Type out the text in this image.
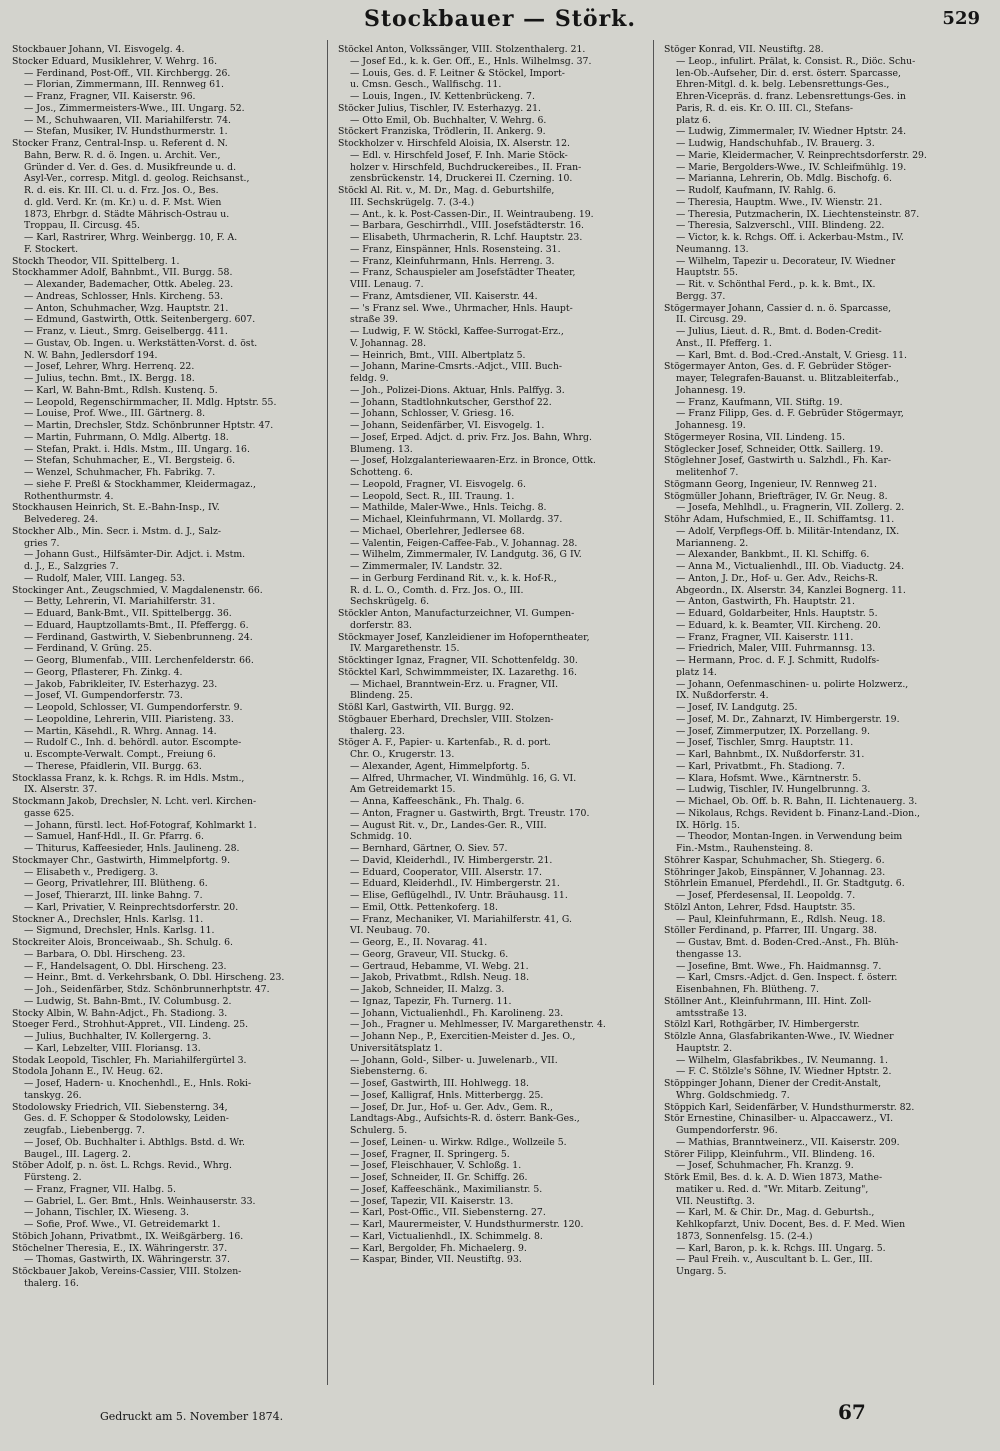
Stockbauer — Störk.	529
Stockbauer Johann, VI. Eisvogelg. 4.
Stocker Eduard, Musiklehrer, V. Wehrg. 16.
— Ferdinand, Post-Off., VII. Kirchbergg. 26.
— Florian, Zimmermann, III. Rennweg 61.
— Franz, Fragner, VII. Kaiserstr. 96.
— Jos., Zimmermeisters-Wwe., III. Ungarg. 52.
— M., Schuhwaaren, VII. Mariahilferstr. 74.
— Stefan, Musiker, IV. Hundsthurmerstr. 1.
Stocker Franz, Central-Insp. u. Referent d. N.
Bahn, Berw. R. d. ö. Ingen. u. Archit. Ver.,
Gründer d. Ver. d. Ges. d. Musikfreunde u. d.
Asyl-Ver., corresp. Mitgl. d. geolog. Reichsanst.,
R. d. eis. Kr. III. Cl. u. d. Frz. Jos. O., Bes.
d. gld. Verd. Kr. (m. Kr.) u. d. F. Mst. Wien
1873, Ehrbgr. d. Städte Mährisch-Ostrau u.
Troppau, II. Circusg. 45.
— Karl, Rastrirer, Whrg. Weinbergg. 10, F. A.
F. Stockert.
Stockh Theodor, VII. Spittelberg. 1.
Stockhammer Adolf, Bahnbmt., VII. Burgg. 58.
— Alexander, Bademacher, Ottk. Abeleg. 23.
— Andreas, Schlosser, Hnls. Kircheng. 53.
— Anton, Schuhmacher, Wzg. Hauptstr. 21.
— Edmund, Gastwirth, Ottk. Seitenbergerg. 607.
— Franz, v. Lieut., Smrg. Geiselbergg. 411.
— Gustav, Ob. Ingen. u. Werkstätten-Vorst. d. öst.
N. W. Bahn, Jedlersdorf 194.
— Josef, Lehrer, Whrg. Herrenq. 22.
— Julius, techn. Bmt., IX. Bergg. 18.
— Karl, W. Bahn-Bmt., Rdlsh. Kustenq. 5.
— Leopold, Regenschirmmacher, II. Mdlg. Hptstr. 55.
— Louise, Prof. Wwe., III. Gärtnerg. 8.
— Martin, Drechsler, Stdz. Schönbrunner Hptstr. 47.
— Martin, Fuhrmann, O. Mdlg. Albertg. 18.
— Stefan, Prakt. i. Hdls. Mstm., III. Ungarg. 16.
— Stefan, Schuhmacher, E., VI. Bergsteig. 6.
— Wenzel, Schuhmacher, Fh. Fabrikg. 7.
— siehe F. Preßl & Stockhammer, Kleidermagaz.,
Rothenthurmstr. 4.
Stockhausen Heinrich, St. E.-Bahn-Insp., IV.
Belvedereg. 24.
Stockher Alb., Min. Secr. i. Mstm. d. J., Salz-
gries 7.
— Johann Gust., Hilfsämter-Dir. Adjct. i. Mstm.
d. J., E., Salzgries 7.
— Rudolf, Maler, VIII. Langeg. 53.
Stockinger Ant., Zeugschmied, V. Magdalenenstr. 66.
— Betty, Lehrerin, VI. Mariahilferstr. 31.
— Eduard, Bank-Bmt., VII. Spittelbergg. 36.
— Eduard, Hauptzollamts-Bmt., II. Pfeffergg. 6.
— Ferdinand, Gastwirth, V. Siebenbrunneng. 24.
— Ferdinand, V. Grüng. 25.
— Georg, Blumenfab., VIII. Lerchenfelderstr. 66.
— Georg, Pflasterer, Fh. Zinkg. 4.
— Jakob, Fabrikleiter, IV. Esterhazyg. 23.
— Josef, VI. Gumpendorferstr. 73.
— Leopold, Schlosser, VI. Gumpendorferstr. 9.
— Leopoldine, Lehrerin, VIII. Piaristeng. 33.
— Martin, Käsehdl., R. Whrg. Annag. 14.
— Rudolf C., Inh. d. behördl. autor. Escompte-
u. Escompte-Verwalt. Compt., Freiung 6.
— Therese, Pfaidlerin, VII. Burgg. 63.
Stocklassa Franz, k. k. Rchgs. R. im Hdls. Mstm.,
IX. Alserstr. 37.
Stockmann Jakob, Drechsler, N. Lcht. verl. Kirchen-
gasse 625.
— Johann, fürstl. lect. Hof-Fotograf, Kohlmarkt 1.
— Samuel, Hanf-Hdl., II. Gr. Pfarrg. 6.
— Thiturus, Kaffeesieder, Hnls. Jaulineng. 28.
Stockmayer Chr., Gastwirth, Himmelpfortg. 9.
— Elisabeth v., Predigerg. 3.
— Georg, Privatlehrer, III. Blütheng. 6.
— Josef, Thierarzt, III. linke Bahng. 7.
— Karl, Privatier, V. Reinprechtsdorferstr. 20.
Stockner A., Drechsler, Hnls. Karlsg. 11.
— Sigmund, Drechsler, Hnls. Karlsg. 11.
Stockreiter Alois, Bronceiwaab., Sh. Schulg. 6.
— Barbara, O. Dbl. Hirscheng. 23.
— F., Handelsagent, O. Dbl. Hirscheng. 23.
— Heinr., Bmt. d. Verkehrsbank, O. Dbl. Hirscheng. 23.
— Joh., Seidenfärber, Stdz. Schönbrunnerhptstr. 47.
— Ludwig, St. Bahn-Bmt., IV. Columbusg. 2.
Stocky Albin, W. Bahn-Adjct., Fh. Stadiong. 3.
Stoeger Ferd., Strohhut-Appret., VII. Lindeng. 25.
— Julius, Buchhalter, IV. Kollergerng. 3.
— Karl, Lebzelter, VIII. Floriansg. 13.
Stodak Leopold, Tischler, Fh. Mariahilfergürtel 3.
Stodola Johann E., IV. Heug. 62.
— Josef, Hadern- u. Knochenhdl., E., Hnls. Roki-
tanskyg. 26.
Stodolowsky Friedrich, VII. Siebensterng. 34,
Ges. d. F. Schopper & Stodolowsky, Leiden-
zeugfab., Liebenbergg. 7.
— Josef, Ob. Buchhalter i. Abthlgs. Bstd. d. Wr.
Baugel., III. Lagerg. 2.
Stöber Adolf, p. n. öst. L. Rchgs. Revid., Whrg.
Fürsteng. 2.
— Franz, Fragner, VII. Halbg. 5.
— Gabriel, L. Ger. Bmt., Hnls. Weinhauserstr. 33.
— Johann, Tischler, IX. Wieseng. 3.
— Sofie, Prof. Wwe., VI. Getreidemarkt 1.
Stöbich Johann, Privatbmt., IX. Weißgärberg. 16.
Stöchelner Theresia, E., IX. Währingerstr. 37.
— Thomas, Gastwirth, IX. Währingerstr. 37.
Stöckbauer Jakob, Vereins-Cassier, VIII. Stolzen-
thalerg. 16.
Stöckel Anton, Volkssänger, VIII. Stolzenthalerg. 21.
— Josef Ed., k. k. Ger. Off., E., Hnls. Wilhelmsg. 37.
— Louis, Ges. d. F. Leitner & Stöckel, Import-
u. Cmsn. Gesch., Wallfischg. 11.
— Louis, Ingen., IV. Kettenbrückeng. 7.
Stöcker Julius, Tischler, IV. Esterhazyg. 21.
— Otto Emil, Ob. Buchhalter, V. Wehrg. 6.
Stöckert Franziska, Trödlerin, II. Ankerg. 9.
Stockholzer v. Hirschfeld Aloisia, IX. Alserstr. 12.
— Edl. v. Hirschfeld Josef, F. Inh. Marie Stöck-
holzer v. Hirschfeld, Buchdruckereibes., II. Fran-
zensbrückenstr. 14, Druckerei II. Czerning. 10.
Stöckl Al. Rit. v., M. Dr., Mag. d. Geburtshilfe,
III. Sechskrügelg. 7. (3-4.)
— Ant., k. k. Post-Cassen-Dir., II. Weintraubeng. 19.
— Barbara, Geschirrhdl., VIII. Josefstädterstr. 16.
— Elisabeth, Uhrmacherin, R. Lchf. Hauptstr. 23.
— Franz, Einspänner, Hnls. Rosensteing. 31.
— Franz, Kleinfuhrmann, Hnls. Herreng. 3.
— Franz, Schauspieler am Josefstädter Theater,
VIII. Lenaug. 7.
— Franz, Amtsdiener, VII. Kaiserstr. 44.
— 's Franz sel. Wwe., Uhrmacher, Hnls. Haupt-
straße 39.
— Ludwig, F. W. Stöckl, Kaffee-Surrogat-Erz.,
V. Johannag. 28.
— Heinrich, Bmt., VIII. Albertplatz 5.
— Johann, Marine-Cmsrts.-Adjct., VIII. Buch-
feldg. 9.
— Joh., Polizei-Dions. Aktuar, Hnls. Palffyg. 3.
— Johann, Stadtlohnkutscher, Gersthof 22.
— Johann, Schlosser, V. Griesg. 16.
— Johann, Seidenfärber, VI. Eisvogelg. 1.
— Josef, Erped. Adjct. d. priv. Frz. Jos. Bahn, Whrg.
Blumeng. 13.
— Josef, Holzgalanteriewaaren-Erz. in Bronce, Ottk.
Schotteng. 6.
— Leopold, Fragner, VI. Eisvogelg. 6.
— Leopold, Sect. R., III. Traung. 1.
— Mathilde, Maler-Wwe., Hnls. Teichg. 8.
— Michael, Kleinfuhrmann, VI. Mollardg. 37.
— Michael, Oberlehrer, Jedlersee 68.
— Valentin, Feigen-Caffee-Fab., V. Johannag. 28.
— Wilhelm, Zimmermaler, IV. Landgutg. 36, G IV.
— Zimmermaler, IV. Landstr. 32.
— in Gerburg Ferdinand Rit. v., k. k. Hof-R.,
R. d. L. O., Comth. d. Frz. Jos. O., III.
Sechskrügelg. 6.
Stöckler Anton, Manufacturzeichner, VI. Gumpen-
dorferstr. 83.
Stöckmayer Josef, Kanzleidiener im Hofoperntheater,
IV. Margarethenstr. 15.
Stöcktinger Ignaz, Fragner, VII. Schottenfeldg. 30.
Stöcktel Karl, Schwimmmeister, IX. Lazarethg. 16.
— Michael, Branntwein-Erz. u. Fragner, VII.
Blindeng. 25.
Stößl Karl, Gastwirth, VII. Burgg. 92.
Stögbauer Eberhard, Drechsler, VIII. Stolzen-
thalerg. 23.
Stöger A. F., Papier- u. Kartenfab., R. d. port.
Chr. O., Krugerstr. 13.
— Alexander, Agent, Himmelpfortg. 5.
— Alfred, Uhrmacher, VI. Windmühlg. 16, G. VI.
Am Getreidemarkt 15.
— Anna, Kaffeeschänk., Fh. Thalg. 6.
— Anton, Fragner u. Gastwirth, Brgt. Treustr. 170.
— August Rit. v., Dr., Landes-Ger. R., VIII.
Schmidg. 10.
— Bernhard, Gärtner, O. Siev. 57.
— David, Kleiderhdl., IV. Himbergerstr. 21.
— Eduard, Cooperator, VIII. Alserstr. 17.
— Eduard, Kleiderhdl., IV. Himbergerstr. 21.
— Elise, Geflügelhdl., IV. Untr. Bräuhausg. 11.
— Emil, Ottk. Pettenkoferg. 18.
— Franz, Mechaniker, VI. Mariahilferstr. 41, G.
VI. Neubaug. 70.
— Georg, E., II. Novarag. 41.
— Georg, Graveur, VII. Stuckg. 6.
— Gertraud, Hebamme, VI. Webg. 21.
— Jakob, Privatbmt., Rdlsh. Neug. 18.
— Jakob, Schneider, II. Malzg. 3.
— Ignaz, Tapezir, Fh. Turnerg. 11.
— Johann, Victualienhdl., Fh. Karolineng. 23.
— Joh., Fragner u. Mehlmesser, IV. Margarethenstr. 4.
— Johann Nep., P., Exercitien-Meister d. Jes. O.,
Universitätsplatz 1.
— Johann, Gold-, Silber- u. Juwelenarb., VII.
Siebensterng. 6.
— Josef, Gastwirth, III. Hohlwegg. 18.
— Josef, Kalligraf, Hnls. Mitterbergg. 25.
— Josef, Dr. Jur., Hof- u. Ger. Adv., Gem. R.,
Landtags-Abg., Aufsichts-R. d. österr. Bank-Ges.,
Schulerg. 5.
— Josef, Leinen- u. Wirkw. Rdlge., Wollzeile 5.
— Josef, Fragner, II. Springerg. 5.
— Josef, Fleischhauer, V. Schloßg. 1.
— Josef, Schneider, II. Gr. Schiffg. 26.
— Josef, Kaffeeschänk., Maximilianstr. 5.
— Josef, Tapezir, VII. Kaiserstr. 13.
— Karl, Post-Offic., VII. Siebensterng. 27.
— Karl, Maurermeister, V. Hundsthurmerstr. 120.
— Karl, Victualienhdl., IX. Schimmelg. 8.
— Karl, Bergolder, Fh. Michaelerg. 9.
— Kaspar, Binder, VII. Neustiftg. 93.
Stöger Konrad, VII. Neustiftg. 28.
— Leop., infulirt. Prälat, k. Consist. R., Diöc. Schu-
len-Ob.-Aufseher, Dir. d. erst. österr. Sparcasse,
Ehren-Mitgl. d. k. belg. Lebensrettungs-Ges.,
Ehren-Vicepräs. d. franz. Lebensrettungs-Ges. in
Paris, R. d. eis. Kr. O. III. Cl., Stefans-
platz 6.
— Ludwig, Zimmermaler, IV. Wiedner Hptstr. 24.
— Ludwig, Handschuhfab., IV. Brauerg. 3.
— Marie, Kleidermacher, V. Reinprechtsdorferstr. 29.
— Marie, Bergolders-Wwe., IV. Schleifmühlg. 19.
— Marianna, Lehrerin, Ob. Mdlg. Bischofg. 6.
— Rudolf, Kaufmann, IV. Rahlg. 6.
— Theresia, Hauptm. Wwe., IV. Wienstr. 21.
— Theresia, Putzmacherin, IX. Liechtensteinstr. 87.
— Theresia, Salzverschl., VIII. Blindeng. 22.
— Victor, k. k. Rchgs. Off. i. Ackerbau-Mstm., IV.
Neumanng. 13.
— Wilhelm, Tapezir u. Decorateur, IV. Wiedner
Hauptstr. 55.
— Rit. v. Schönthal Ferd., p. k. k. Bmt., IX.
Bergg. 37.
Stögermayer Johann, Cassier d. n. ö. Sparcasse,
II. Circusg. 29.
— Julius, Lieut. d. R., Bmt. d. Boden-Credit-
Anst., II. Pfefferg. 1.
— Karl, Bmt. d. Bod.-Cred.-Anstalt, V. Griesg. 11.
Stögermayer Anton, Ges. d. F. Gebrüder Stöger-
mayer, Telegrafen-Bauanst. u. Blitzableiterfab.,
Johannesg. 19.
— Franz, Kaufmann, VII. Stiftg. 19.
— Franz Filipp, Ges. d. F. Gebrüder Stögermayr,
Johannesg. 19.
Stögermeyer Rosina, VII. Lindeng. 15.
Stöglecker Josef, Schneider, Ottk. Saillerg. 19.
Stöglehner Josef, Gastwirth u. Salzhdl., Fh. Kar-
melitenhof 7.
Stögmann Georg, Ingenieur, IV. Rennweg 21.
Stögmüller Johann, Briefträger, IV. Gr. Neug. 8.
— Josefa, Mehlhdl., u. Fragnerin, VII. Zollerg. 2.
Stöhr Adam, Hufschmied, E., II. Schiffamtsg. 11.
— Adolf, Verpflegs-Off. b. Militär-Intendanz, IX.
Marianneng. 2.
— Alexander, Bankbmt., II. Kl. Schiffg. 6.
— Anna M., Victualienhdl., III. Ob. Viaductg. 24.
— Anton, J. Dr., Hof- u. Ger. Adv., Reichs-R.
Abgeordn., IX. Alserstr. 34, Kanzlei Bognerg. 11.
— Anton, Gastwirth, Fh. Hauptstr. 21.
— Eduard, Goldarbeiter, Hnls. Hauptstr. 5.
— Eduard, k. k. Beamter, VII. Kircheng. 20.
— Franz, Fragner, VII. Kaiserstr. 111.
— Friedrich, Maler, VIII. Fuhrmannsg. 13.
— Hermann, Proc. d. F. J. Schmitt, Rudolfs-
platz 14.
— Johann, Oefenmaschinen- u. polirte Holzwerz.,
IX. Nußdorferstr. 4.
— Josef, IV. Landgutg. 25.
— Josef, M. Dr., Zahnarzt, IV. Himbergerstr. 19.
— Josef, Zimmerputzer, IX. Porzellang. 9.
— Josef, Tischler, Smrg. Hauptstr. 11.
— Karl, Bahnbmt., IX. Nußdorferstr. 31.
— Karl, Privatbmt., Fh. Stadiong. 7.
— Klara, Hofsmt. Wwe., Kärntnerstr. 5.
— Ludwig, Tischler, IV. Hungelbrunng. 3.
— Michael, Ob. Off. b. R. Bahn, II. Lichtenauerg. 3.
— Nikolaus, Rchgs. Revident b. Finanz-Land.-Dion.,
IX. Hörlg. 15.
— Theodor, Montan-Ingen. in Verwendung beim
Fin.-Mstm., Rauhensteing. 8.
Stöhrer Kaspar, Schuhmacher, Sh. Stiegerg. 6.
Stöhringer Jakob, Einspänner, V. Johannag. 23.
Stöhrlein Emanuel, Pferdehdl., II. Gr. Stadtgutg. 6.
— Josef, Pferdesensal, II. Leopoldg. 7.
Stölzl Anton, Lehrer, Fdsd. Hauptstr. 35.
— Paul, Kleinfuhrmann, E., Rdlsh. Neug. 18.
Stöller Ferdinand, p. Pfarrer, III. Ungarg. 38.
— Gustav, Bmt. d. Boden-Cred.-Anst., Fh. Blüh-
thengasse 13.
— Josefine, Bmt. Wwe., Fh. Haidmannsg. 7.
— Karl, Cmsrs.-Adjct. d. Gen. Inspect. f. österr.
Eisenbahnen, Fh. Blütheng. 7.
Stöllner Ant., Kleinfuhrmann, III. Hint. Zoll-
amtsstraße 13.
Stölzl Karl, Rothgärber, IV. Himbergerstr.
Stölzle Anna, Glasfabrikanten-Wwe., IV. Wiedner
Hauptstr. 2.
— Wilhelm, Glasfabrikbes., IV. Neumanng. 1.
— F. C. Stölzle's Söhne, IV. Wiedner Hptstr. 2.
Stöppinger Johann, Diener der Credit-Anstalt,
Whrg. Goldschmiedg. 7.
Stöppich Karl, Seidenfärber, V. Hundsthurmerstr. 82.
Stör Ernestine, Chinasilber- u. Alpaccawerz., VI.
Gumpendorferstr. 96.
— Mathias, Branntweinerz., VII. Kaiserstr. 209.
Störer Filipp, Kleinfuhrm., VII. Blindeng. 16.
— Josef, Schuhmacher, Fh. Kranzg. 9.
Störk Emil, Bes. d. k. A. D. Wien 1873, Mathe-
matiker u. Red. d. "Wr. Mitarb. Zeitung",
VII. Neustiftg. 3.
— Karl, M. & Chir. Dr., Mag. d. Geburtsh.,
Kehlkopfarzt, Univ. Docent, Bes. d. F. Med. Wien
1873, Sonnenfelsg. 15. (2-4.)
— Karl, Baron, p. k. k. Rchgs. III. Ungarg. 5.
— Paul Freih. v., Auscultant b. L. Ger., III.
Ungarg. 5.
Gedruckt am 5. November 1874.	67
